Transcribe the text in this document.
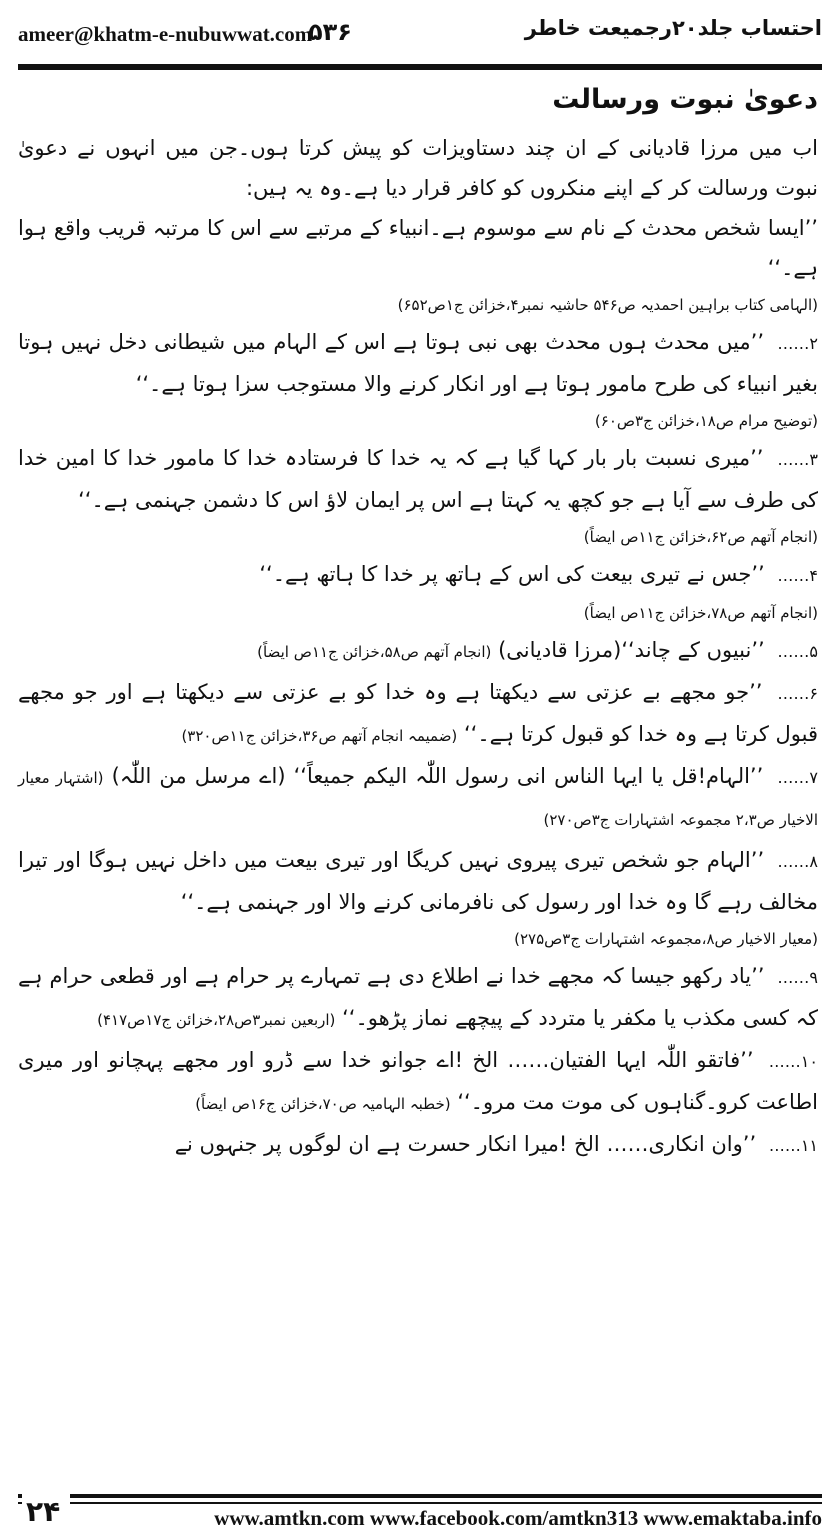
ameer@khatm-e-nubuwwat.com
۵۳۶	احتساب جلد۲۰رجمیعت خاطر
دعوىٰ نبوت ورسالت

اب میں مرزا قادیانی کے ان چند دستاویزات کو پیش کرتا ہوں۔جن میں انہوں نے دعوىٰ نبوت ورسالت کر کے اپنے منکروں کو کافر قرار دیا ہے۔وہ یہ ہیں:

’’ایسا شخص محدث کے نام سے موسوم ہے۔انبیاء کے مرتبے سے اس کا مرتبہ قریب واقع ہوا ہے۔‘‘

(الہامی کتاب براہین احمدیہ ص۵۴۶ حاشیہ نمبر۴،خزائن ج۱ص۶۵۲)

۲…… ’’میں محدث ہوں محدث بھی نبی ہوتا ہے اس کے الہام میں شیطانی دخل نہیں ہوتا بغیر انبیاء کی طرح مامور ہوتا ہے اور انکار کرنے والا مستوجب سزا ہوتا ہے۔‘‘

(توضیح مرام ص۱۸،خزائن ج۳ص۶۰)

۳…… ’’میری نسبت بار بار کہا گیا ہے کہ یہ خدا کا فرستادہ خدا کا مامور خدا کا امین خدا کی طرف سے آیا ہے جو کچھ یہ کہتا ہے اس پر ایمان لاؤ اس کا دشمن جہنمی ہے۔‘‘

(انجام آتھم ص۶۲،خزائن ج۱۱ص ایضاً)

۴…… ’’جس نے تیری بیعت کی اس کے ہاتھ پر خدا کا ہاتھ ہے۔‘‘

(انجام آتھم ص۷۸،خزائن ج۱۱ص ایضاً)

۵…… ’’نبیوں کے چاند‘‘(مرزا قادیانی) (انجام آتھم ص۵۸،خزائن ج۱۱ص ایضاً)

۶…… ’’جو مجھے بے عزتی سے دیکھتا ہے وہ خدا کو بے عزتی سے دیکھتا ہے اور جو مجھے قبول کرتا ہے وہ خدا کو قبول کرتا ہے۔‘‘ (ضمیمہ انجام آتھم ص۳۶،خزائن ج۱۱ص۳۲۰)

۷…… ’’الہام!قل یا ایہا الناس انی رسول اللّٰہ الیکم جمیعاً‘‘ (اے مرسل من اللّٰہ) (اشتہار معیار الاخیار ص۲،۳ مجموعہ اشتہارات ج۳ص۲۷۰)

۸…… ’’الہام جو شخص تیری پیروی نہیں کریگا اور تیری بیعت میں داخل نہیں ہوگا اور تیرا مخالف رہے گا وہ خدا اور رسول کی نافرمانی کرنے والا اور جہنمی ہے۔‘‘

(معیار الاخیار ص۸،مجموعہ اشتہارات ج۳ص۲۷۵)

۹…… ’’یاد رکھو جیسا کہ مجھے خدا نے اطلاع دی ہے تمہارے پر حرام ہے اور قطعی حرام ہے کہ کسی مکذب یا مکفر یا متردد کے پیچھے نماز پڑھو۔‘‘ (اربعین نمبر۳ص۲۸،خزائن ج۱۷ص۴۱۷)

۱۰…… ’’فاتقو اللّٰہ ایہا الفتیان…… الخ !اے جوانو خدا سے ڈرو اور مجھے پہچانو اور میری اطاعت کرو۔گناہوں کی موت مت مرو۔‘‘ (خطبہ الہامیہ ص۷۰،خزائن ج۱۶ص ایضاً)

۱۱…… ’’وان انکاری…… الخ !میرا انکار حسرت ہے ان لوگوں پر جنہوں نے

۲۴	www.amtkn.com www.facebook.com/amtkn313 www.emaktaba.info
